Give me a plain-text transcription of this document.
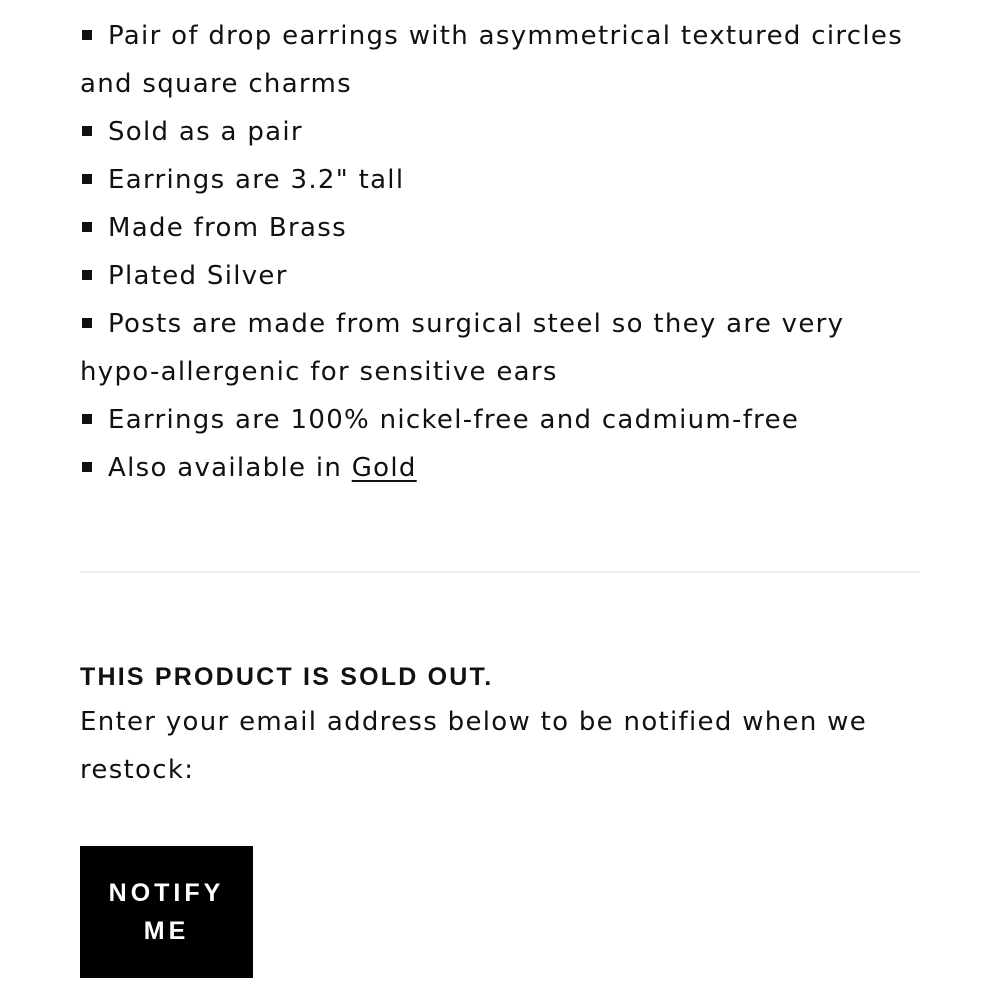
Pair of drop earrings with asymmetrical textured circles and square charms
Sold as a pair
Earrings are 3.2" tall
Made from Brass
Plated Silver
Posts are made from surgical steel so they are very hypo-allergenic for sensitive ears
Earrings are 100% nickel-free and cadmium-free
Also available in Gold

THIS PRODUCT IS SOLD OUT.

Enter your email address below to be notified when we restock:

NOTIFY ME
